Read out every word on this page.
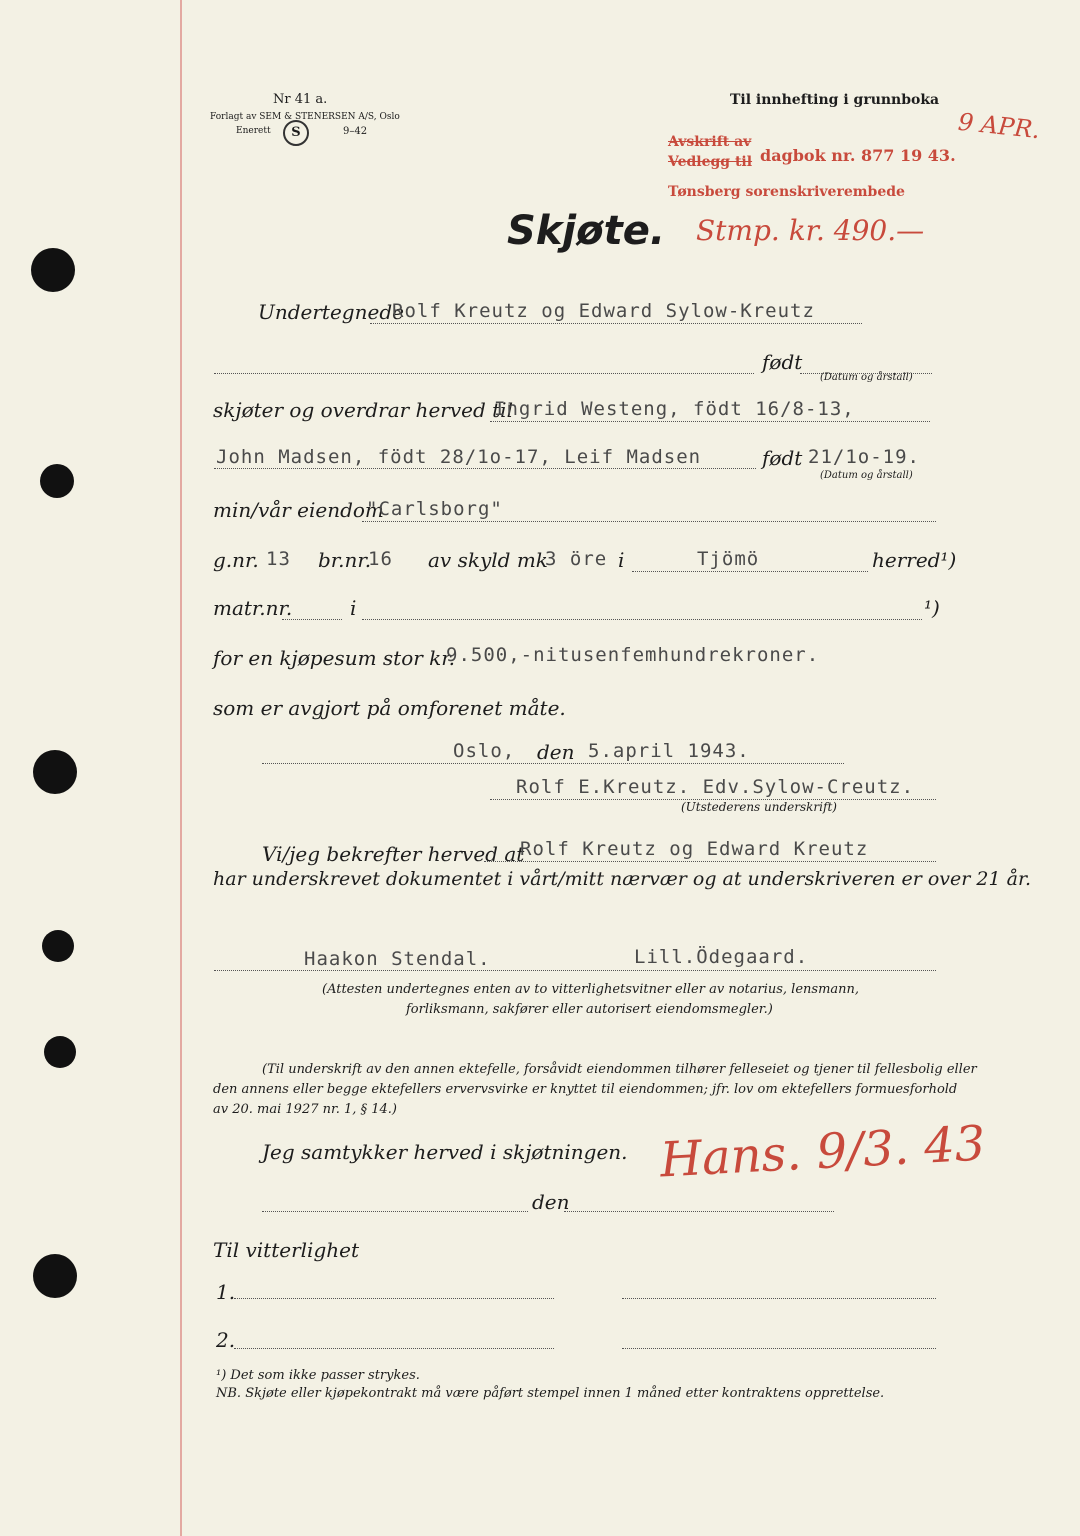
Nr 41 a.
Forlagt av SEM & STENERSEN A/S, Oslo
Enerett	S	9–42
Til innhefting i grunnboka
Avskrift av
Vedlegg til dagbok nr. 877 19 43.
Tønsberg sorenskriverembede
9 APR.
Stmp. kr. 490.—
Skjøte.
Undertegnede
Rolf Kreutz og Edward Sylow-Kreutz
født
(Datum og årstall)
skjøter og overdrar herved til
Ingrid Westeng, födt 16/8-13,
John Madsen, födt 28/1o-17, Leif Madsen	født 21/1o-19.
(Datum og årstall)
min/vår eiendom
"Carlsborg"
g.nr. 13 br.nr.
16 av skyld mk
3 öre i	Tjömö	herred¹)
matr.nr.	i	¹)
for en kjøpesum stor kr.
9.500,-nitusenfemhundrekroner.
som er avgjort på omforenet måte.
Oslo, den 5.april 1943.
Rolf E.Kreutz. Edv.Sylow-Creutz.
(Utstederens underskrift)
Vi/jeg bekrefter herved at
Rolf Kreutz og Edward Kreutz
har underskrevet dokumentet i vårt/mitt nærvær og at underskriveren er over 21 år.
Haakon Stendal.	Lill.Ödegaard.
(Attesten undertegnes enten av to vitterlighetsvitner eller av notarius, lensmann,
forliksmann, sakfører eller autorisert eiendomsmegler.)
(Til underskrift av den annen ektefelle, forsåvidt eiendommen tilhører felleseiet og tjener til fellesbolig eller
den annens eller begge ektefellers ervervsvirke er knyttet til eiendommen; jfr. lov om ektefellers formuesforhold
av 20. mai 1927 nr. 1, § 14.)
Jeg samtykker herved i skjøtningen. Hans. 9/3. 43
den
Til vitterlighet
1.
2.
¹) Det som ikke passer strykes.
NB. Skjøte eller kjøpekontrakt må være påført stempel innen 1 måned etter kontraktens opprettelse.
